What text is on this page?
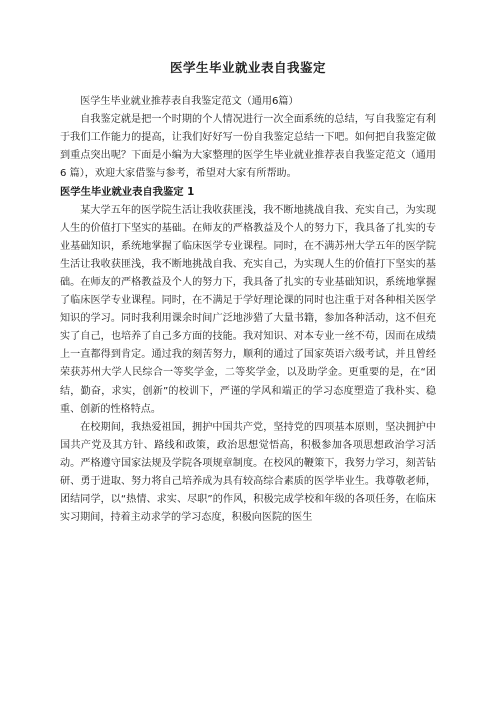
医学生毕业就业表自我鉴定

医学生毕业就业推荐表自我鉴定范文（通用6篇）

自我鉴定就是把一个时期的个人情况进行一次全面系统的总结，写自我鉴定有利于我们工作能力的提高，让我们好好写一份自我鉴定总结一下吧。如何把自我鉴定做到重点突出呢？下面是小编为大家整理的医学生毕业就业推荐表自我鉴定范文（通用 6 篇），欢迎大家借鉴与参考，希望对大家有所帮助。

医学生毕业就业表自我鉴定 1

某大学五年的医学院生活让我收获匪浅，我不断地挑战自我、充实自己，为实现人生的价值打下坚实的基础。在师友的严格教益及个人的努力下，我具备了扎实的专业基础知识，系统地掌握了临床医学专业课程。同时，在不满苏州大学五年的医学院生活让我收获匪浅，我不断地挑战自我、充实自己，为实现人生的价值打下坚实的基础。在师友的严格教益及个人的努力下，我具备了扎实的专业基础知识，系统地掌握了临床医学专业课程。同时，在不满足于学好理论课的同时也注重于对各种相关医学知识的学习。同时我利用课余时间广泛地涉猎了大量书籍，参加各种活动，这不但充实了自己，也培养了自己多方面的技能。我对知识、对本专业一丝不苟，因而在成绩上一直都得到肯定。通过我的刻苦努力，顺利的通过了国家英语六级考试，并且曾经荣获苏州大学人民综合一等奖学金，二等奖学金，以及助学金。更重要的是，在“团结，勤奋，求实，创新”的校训下，严谨的学风和端正的学习态度塑造了我朴实、稳重、创新的性格特点。

在校期间，我热爱祖国，拥护中国共产党，坚持党的四项基本原则，坚决拥护中国共产党及其方针、路线和政策，政治思想觉悟高，积极参加各项思想政治学习活动。严格遵守国家法规及学院各项规章制度。在校风的鞭策下，我努力学习，刻苦钻研、勇于进取、努力将自己培养成为具有较高综合素质的医学毕业生。我尊敬老师，团结同学，以“热情、求实、尽职”的作风，积极完成学校和年级的各项任务，在临床实习期间，持着主动求学的学习态度，积极向医院的医生
